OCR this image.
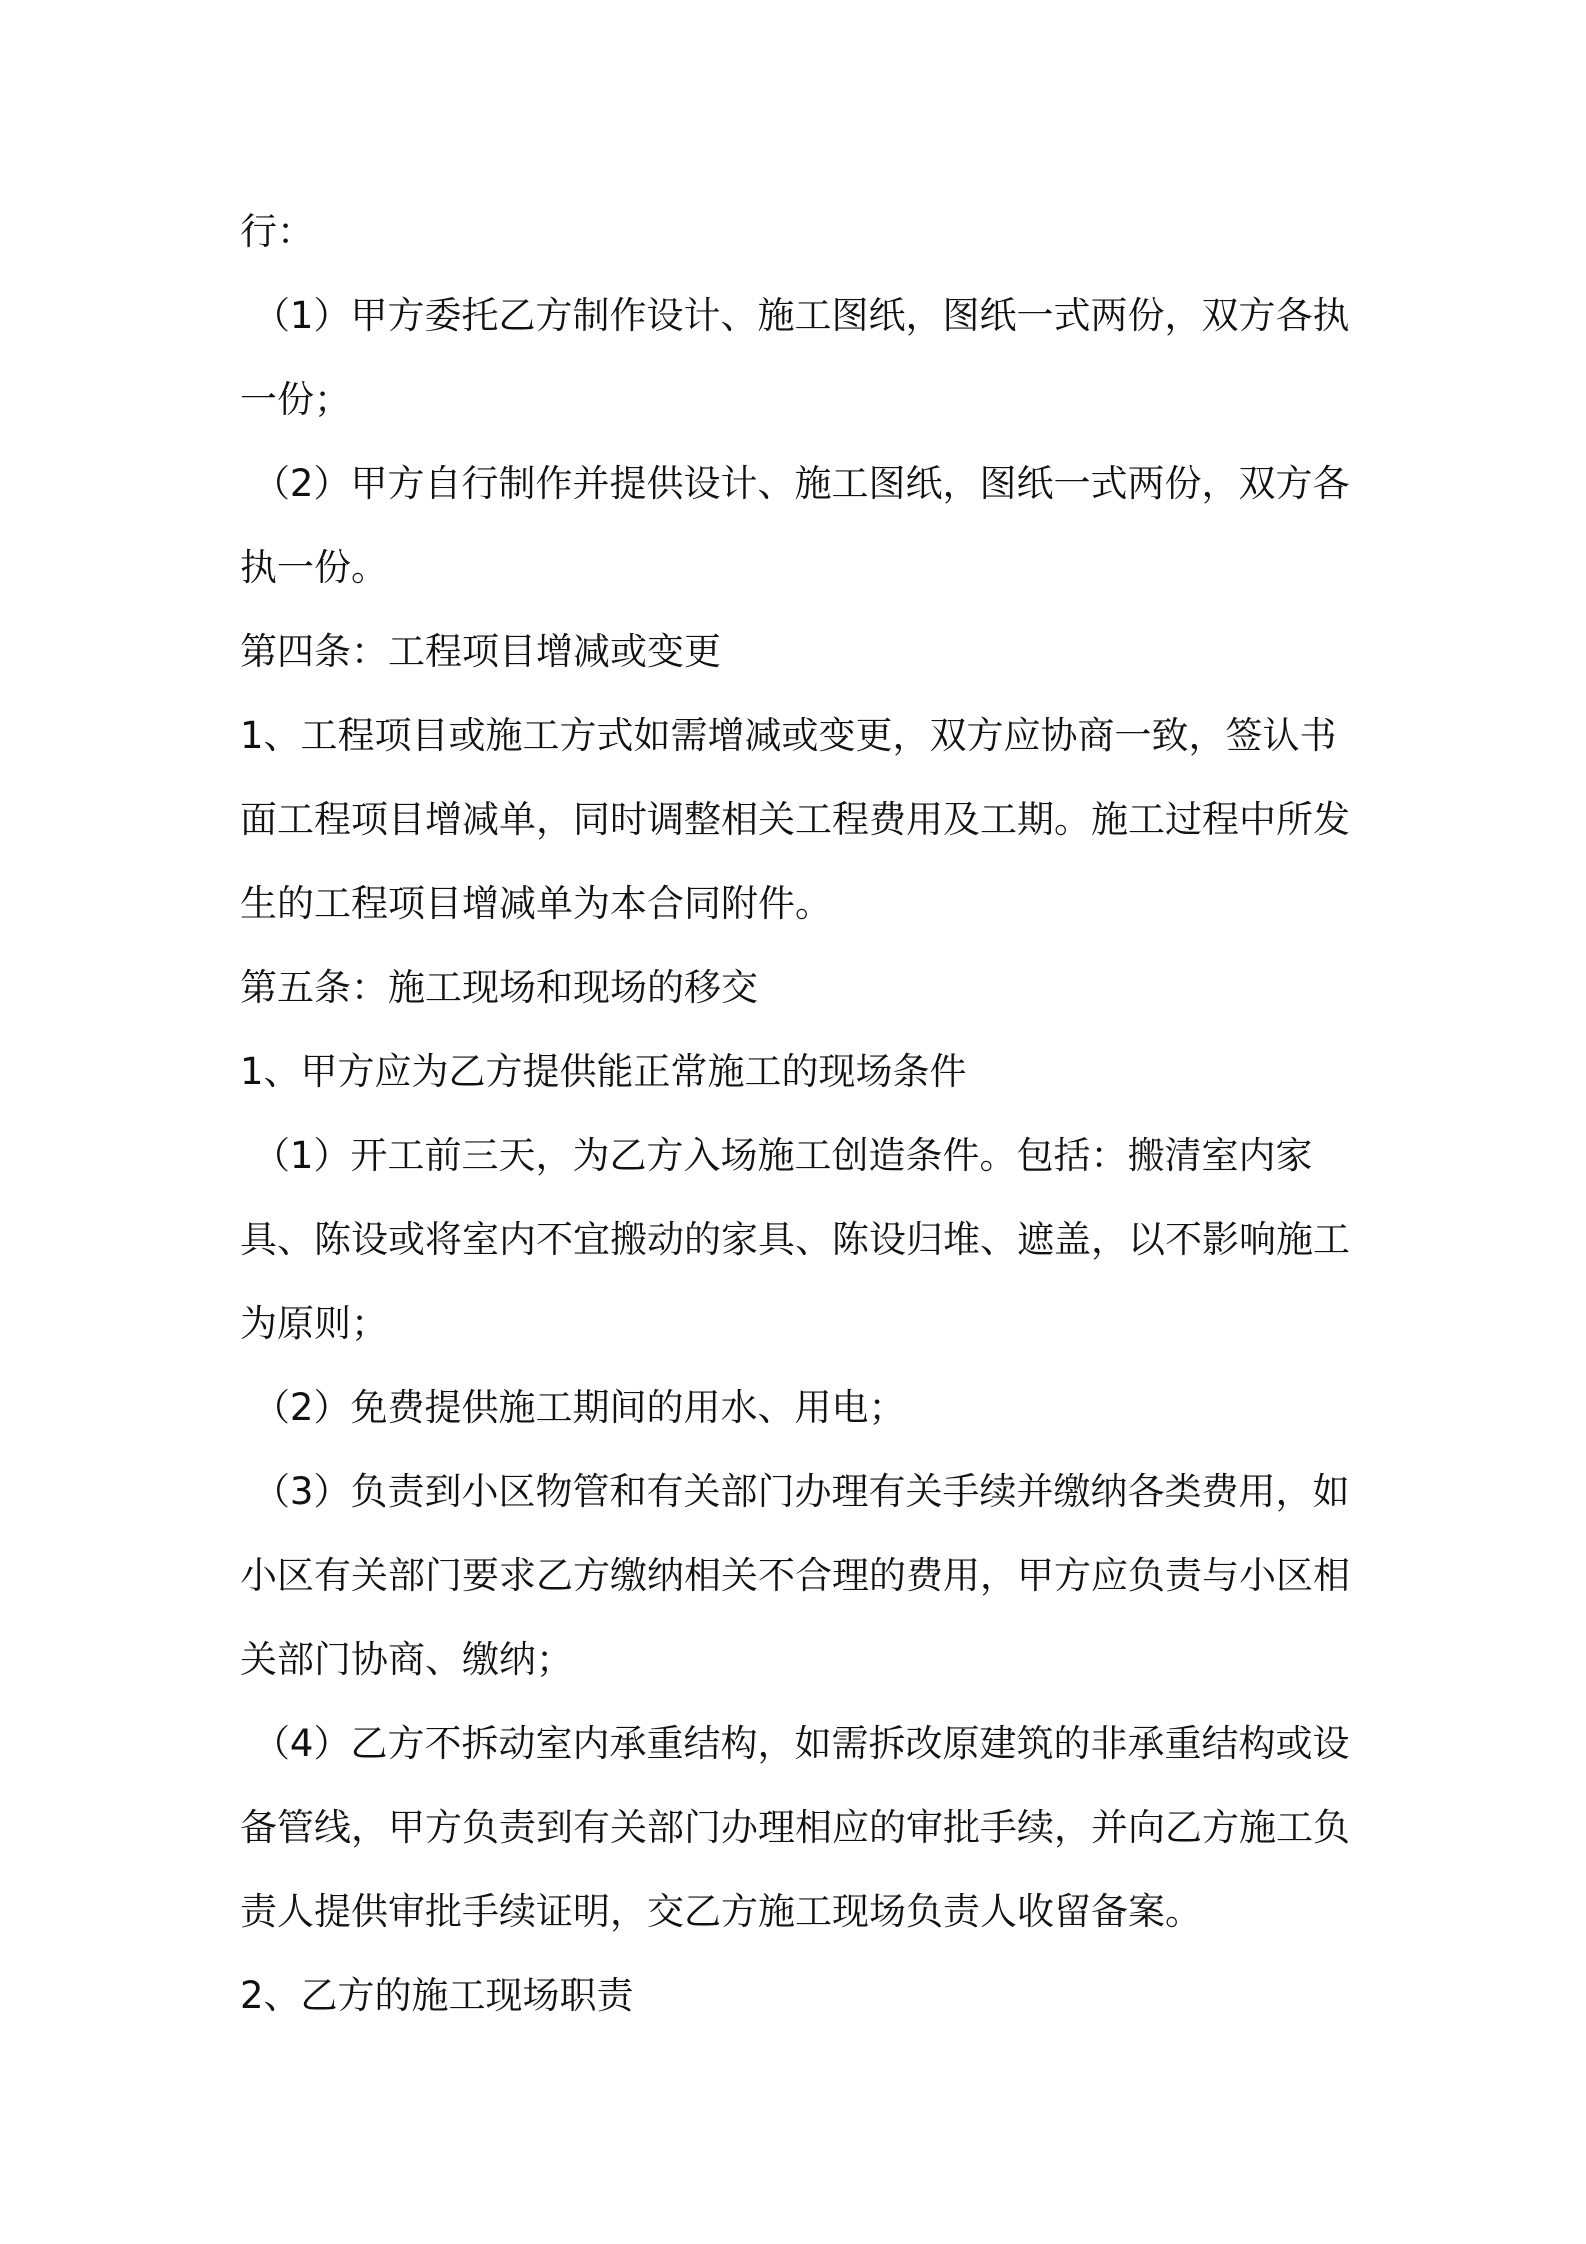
行：

（1）甲方委托乙方制作设计、施工图纸，图纸一式两份，双方各执一份；

（2）甲方自行制作并提供设计、施工图纸，图纸一式两份，双方各执一份。

第四条：工程项目增减或变更

1、工程项目或施工方式如需增减或变更，双方应协商一致，签认书面工程项目增减单，同时调整相关工程费用及工期。施工过程中所发生的工程项目增减单为本合同附件。

第五条：施工现场和现场的移交

1、甲方应为乙方提供能正常施工的现场条件

（1）开工前三天，为乙方入场施工创造条件。包括：搬清室内家具、陈设或将室内不宜搬动的家具、陈设归堆、遮盖，以不影响施工为原则；

（2）免费提供施工期间的用水、用电；

（3）负责到小区物管和有关部门办理有关手续并缴纳各类费用，如小区有关部门要求乙方缴纳相关不合理的费用，甲方应负责与小区相关部门协商、缴纳；

（4）乙方不拆动室内承重结构，如需拆改原建筑的非承重结构或设备管线，甲方负责到有关部门办理相应的审批手续，并向乙方施工负责人提供审批手续证明，交乙方施工现场负责人收留备案。

2、乙方的施工现场职责
